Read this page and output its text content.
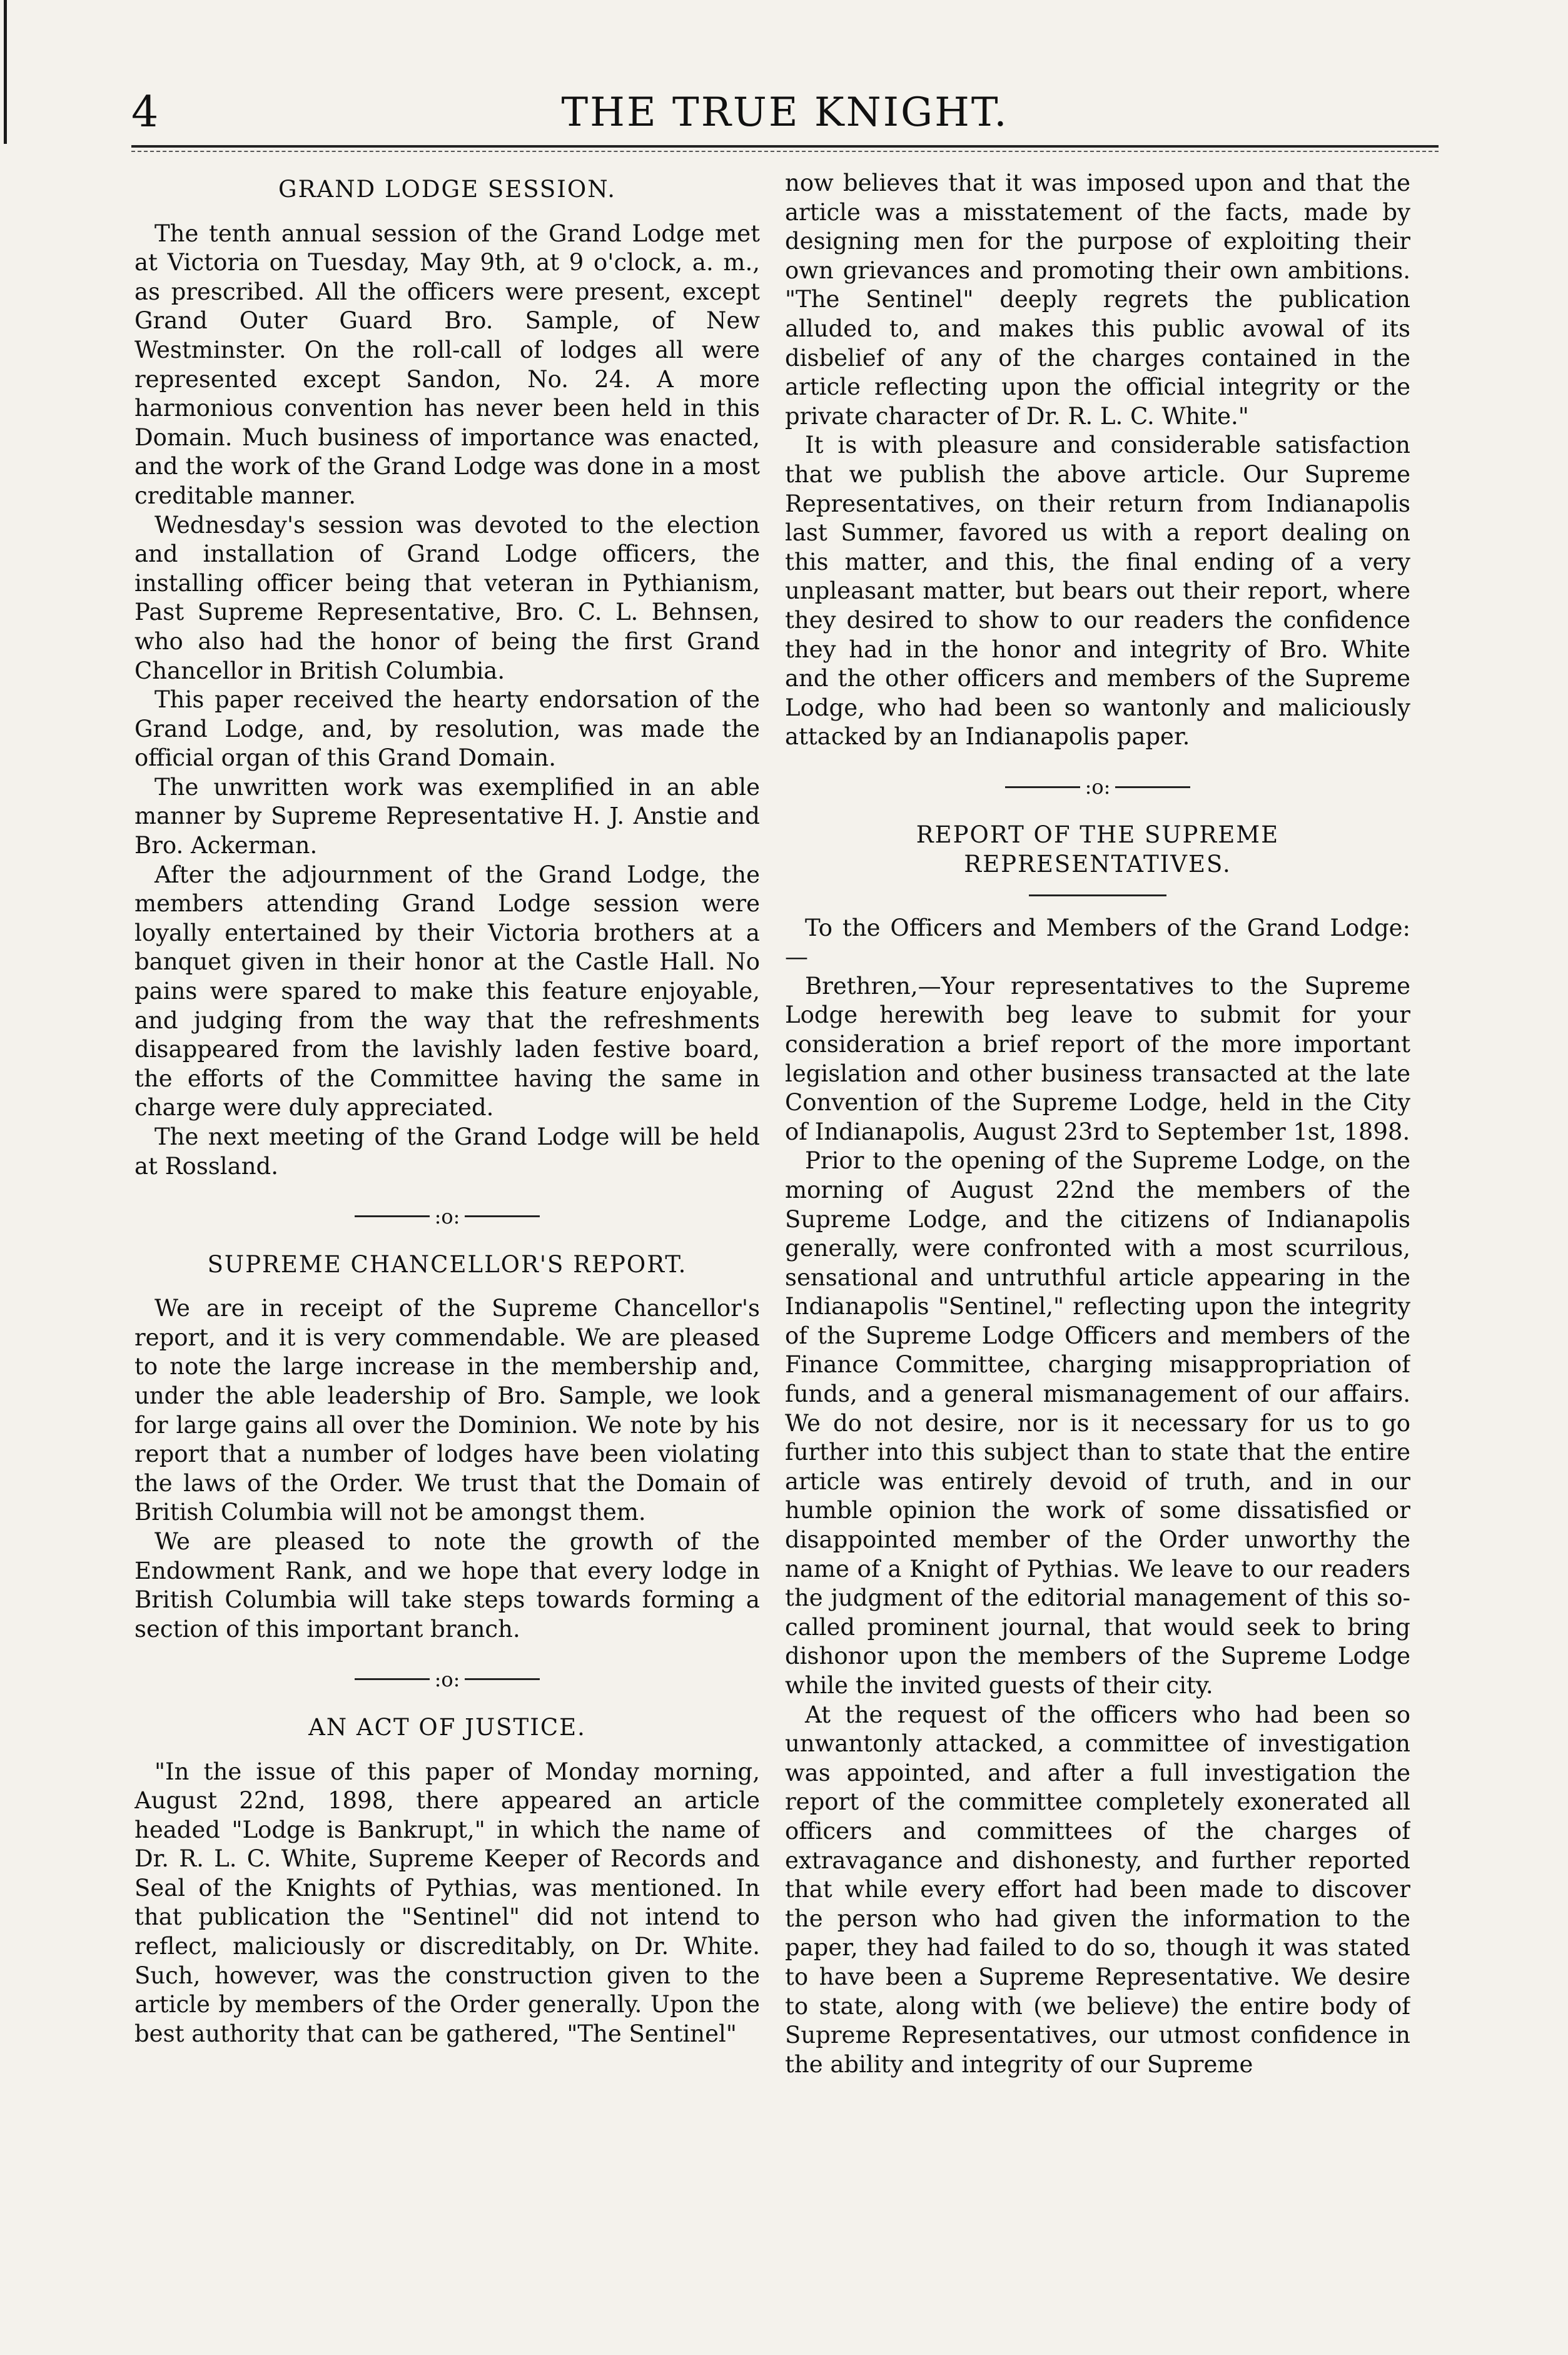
4	THE TRUE KNIGHT.
GRAND LODGE SESSION.

The tenth annual session of the Grand Lodge met at Victoria on Tuesday, May 9th, at 9 o'clock, a. m., as prescribed. All the officers were present, except Grand Outer Guard Bro. Sample, of New Westminster. On the roll-call of lodges all were represented except Sandon, No. 24. A more harmonious convention has never been held in this Domain. Much business of importance was enacted, and the work of the Grand Lodge was done in a most creditable manner.

Wednesday's session was devoted to the election and installation of Grand Lodge officers, the installing officer being that veteran in Pythianism, Past Supreme Representative, Bro. C. L. Behnsen, who also had the honor of being the first Grand Chancellor in British Columbia.

This paper received the hearty endorsation of the Grand Lodge, and, by resolution, was made the official organ of this Grand Domain.

The unwritten work was exemplified in an able manner by Supreme Representative H. J. Anstie and Bro. Ackerman.

After the adjournment of the Grand Lodge, the members attending Grand Lodge session were loyally entertained by their Victoria brothers at a banquet given in their honor at the Castle Hall. No pains were spared to make this feature enjoyable, and judging from the way that the refreshments disappeared from the lavishly laden festive board, the efforts of the Committee having the same in charge were duly appreciated.

The next meeting of the Grand Lodge will be held at Rossland.

:o:
SUPREME CHANCELLOR'S REPORT.

We are in receipt of the Supreme Chancellor's report, and it is very commendable. We are pleased to note the large increase in the membership and, under the able leadership of Bro. Sample, we look for large gains all over the Dominion. We note by his report that a number of lodges have been violating the laws of the Order. We trust that the Domain of British Columbia will not be amongst them.

We are pleased to note the growth of the Endowment Rank, and we hope that every lodge in British Columbia will take steps towards forming a section of this important branch.

:o:
AN ACT OF JUSTICE.

"In the issue of this paper of Monday morning, August 22nd, 1898, there appeared an article headed "Lodge is Bankrupt," in which the name of Dr. R. L. C. White, Supreme Keeper of Records and Seal of the Knights of Pythias, was mentioned. In that publication the "Sentinel" did not intend to reflect, maliciously or discreditably, on Dr. White. Such, however, was the construction given to the article by members of the Order generally. Upon the best authority that can be gathered, "The Sentinel"

now believes that it was imposed upon and that the article was a misstatement of the facts, made by designing men for the purpose of exploiting their own grievances and promoting their own ambitions. "The Sentinel" deeply regrets the publication alluded to, and makes this public avowal of its disbelief of any of the charges contained in the article reflecting upon the official integrity or the private character of Dr. R. L. C. White."

It is with pleasure and considerable satisfaction that we publish the above article. Our Supreme Representatives, on their return from Indianapolis last Summer, favored us with a report dealing on this matter, and this, the final ending of a very unpleasant matter, but bears out their report, where they desired to show to our readers the confidence they had in the honor and integrity of Bro. White and the other officers and members of the Supreme Lodge, who had been so wantonly and maliciously attacked by an Indianapolis paper.

:o:
REPORT OF THE SUPREME REPRESENTATIVES.

To the Officers and Members of the Grand Lodge:—

Brethren,—Your representatives to the Supreme Lodge herewith beg leave to submit for your consideration a brief report of the more important legislation and other business transacted at the late Convention of the Supreme Lodge, held in the City of Indianapolis, August 23rd to September 1st, 1898.

Prior to the opening of the Supreme Lodge, on the morning of August 22nd the members of the Supreme Lodge, and the citizens of Indianapolis generally, were confronted with a most scurrilous, sensational and untruthful article appearing in the Indianapolis "Sentinel," reflecting upon the integrity of the Supreme Lodge Officers and members of the Finance Committee, charging misappropriation of funds, and a general mismanagement of our affairs. We do not desire, nor is it necessary for us to go further into this subject than to state that the entire article was entirely devoid of truth, and in our humble opinion the work of some dissatisfied or disappointed member of the Order unworthy the name of a Knight of Pythias. We leave to our readers the judgment of the editorial management of this so-called prominent journal, that would seek to bring dishonor upon the members of the Supreme Lodge while the invited guests of their city.

At the request of the officers who had been so unwantonly attacked, a committee of investigation was appointed, and after a full investigation the report of the committee completely exonerated all officers and committees of the charges of extravagance and dishonesty, and further reported that while every effort had been made to discover the person who had given the information to the paper, they had failed to do so, though it was stated to have been a Supreme Representative. We desire to state, along with (we believe) the entire body of Supreme Representatives, our utmost confidence in the ability and integrity of our Supreme
